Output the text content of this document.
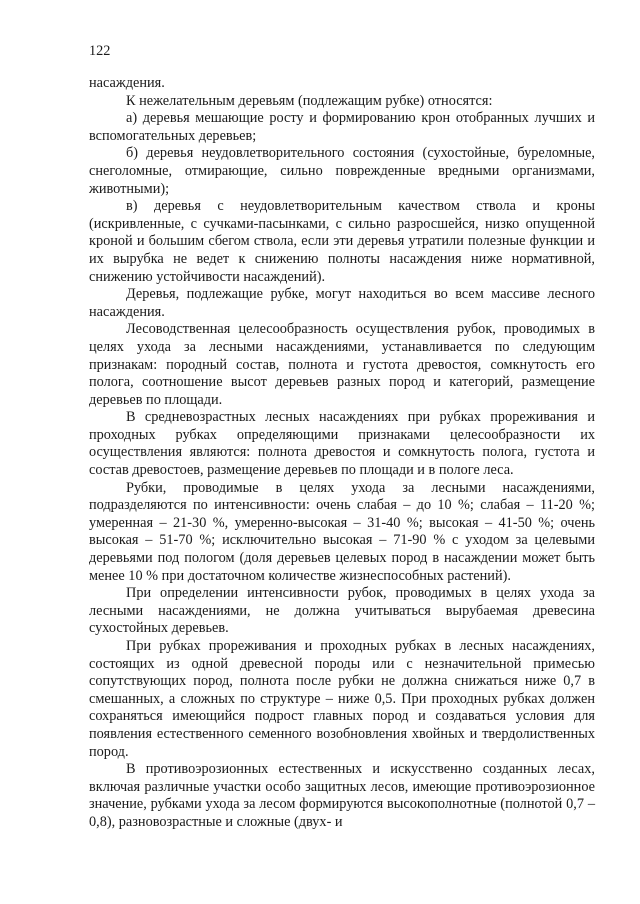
122

насаждения.

К нежелательным деревьям (подлежащим рубке) относятся:

а) деревья мешающие росту и формированию крон отобранных лучших и вспомогательных деревьев;

б) деревья неудовлетворительного состояния (сухостойные, буреломные, снеголомные, отмирающие, сильно поврежденные вредными организмами, животными);

в) деревья с неудовлетворительным качеством ствола и кроны (искривленные, с сучками-пасынками, с сильно разросшейся, низко опущенной кроной и большим сбегом ствола, если эти деревья утратили полезные функции и их вырубка не ведет к снижению полноты насаждения ниже нормативной, снижению устойчивости насаждений).

Деревья, подлежащие рубке, могут находиться во всем массиве лесного насаждения.

Лесоводственная целесообразность осуществления рубок, проводимых в целях ухода за лесными насаждениями, устанавливается по следующим признакам: породный состав, полнота и густота древостоя, сомкнутость его полога, соотношение высот деревьев разных пород и категорий, размещение деревьев по площади.

В средневозрастных лесных насаждениях при рубках прореживания и проходных рубках определяющими признаками целесообразности их осуществления являются: полнота древостоя и сомкнутость полога, густота и состав древостоев, размещение деревьев по площади и в пологе леса.

Рубки, проводимые в целях ухода за лесными насаждениями, подразделяются по интенсивности: очень слабая – до 10 %; слабая – 11-20 %; умеренная – 21-30 %, умеренно-высокая – 31-40 %; высокая – 41-50 %; очень высокая – 51-70 %; исключительно высокая – 71-90 % с уходом за целевыми деревьями под пологом (доля деревьев целевых пород в насаждении может быть менее 10 % при достаточном количестве жизнеспособных растений).

При определении интенсивности рубок, проводимых в целях ухода за лесными насаждениями, не должна учитываться вырубаемая древесина сухостойных деревьев.

При рубках прореживания и проходных рубках в лесных насаждениях, состоящих из одной древесной породы или с незначительной примесью сопутствующих пород, полнота после рубки не должна снижаться ниже 0,7 в смешанных, а сложных по структуре – ниже 0,5. При проходных рубках должен сохраняться имеющийся подрост главных пород и создаваться условия для появления естественного семенного возобновления хвойных и твердолиственных пород.

В противоэрозионных естественных и искусственно созданных лесах, включая различные участки особо защитных лесов, имеющие противоэрозионное значение, рубками ухода за лесом формируются высокополнотные (полнотой 0,7 – 0,8), разновозрастные и сложные (двух- и
